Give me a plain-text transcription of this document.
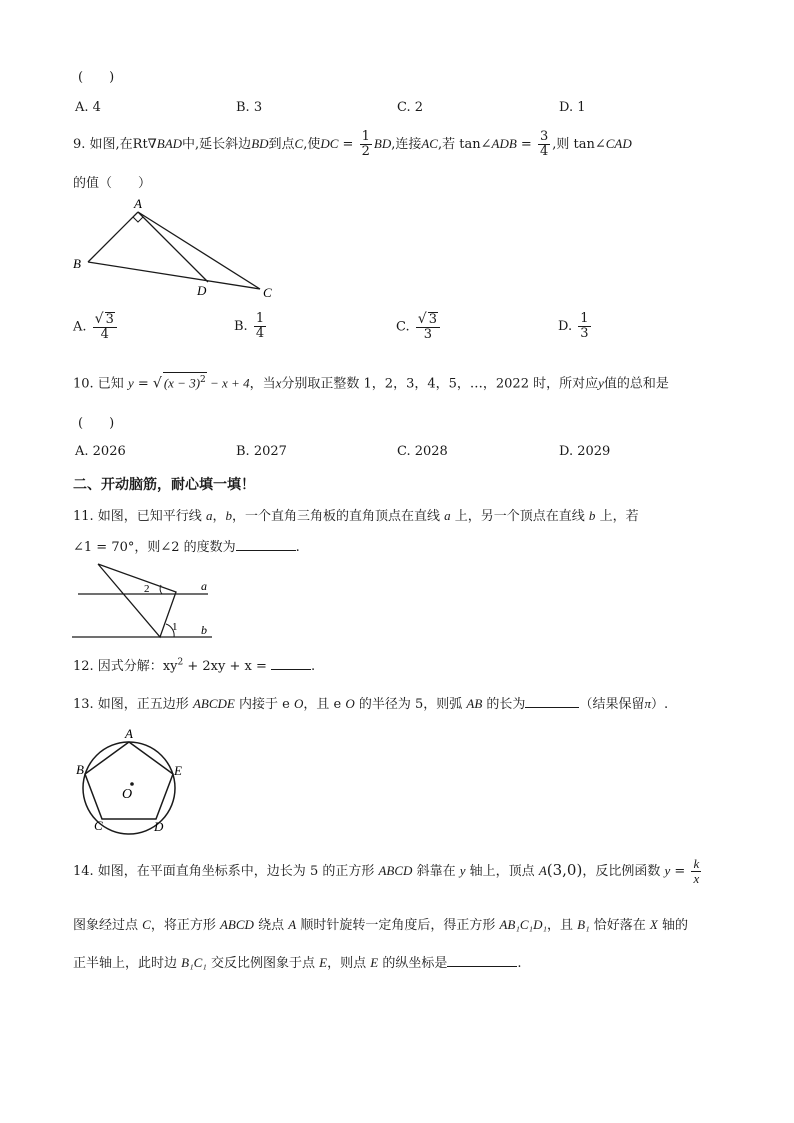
(　　)
A. 4	B. 3	C. 2	D. 1
9. 如图,在Rt∇BAD中,延长斜边BD到点C,使DC = $\frac{1}{2}$ BD,连接AC,若 tan∠ADB = $\frac{3}{4}$ ,则 tan∠CAD
的值（　　）
A
B
D	C
A. $\frac{√ 3}{4}$	B. $\frac{1}{4}$	C. $\frac{√ 3}{3}$	D. $\frac{1}{3}$
10. 已知 y = √ $(x - 3)^2 - x + 4$，当x分别取正整数 1，2，3，4，5，…，2022 时，所对应y值的总和是
(　　)
A. 2026	B. 2027	C. 2028	D. 2029
二、开动脑筋，耐心填一填！
11. 如图，已知平行线 a，b，一个直角三角板的直角顶点在直线 a 上，另一个顶点在直线 b 上，若
∠1 = 70°，则∠2 的度数为	.
a
b
1
2
12. 因式分解：$xy^2 + 2xy + x$ =	.
13. 如图，正五边形 ABCDE 内接于 e O，且 e O 的半径为 5，则弧 AB 的长为	（结果保留π）.
A
B
C	D
E
O
14. 如图，在平面直角坐标系中，边长为 5 的正方形 ABCD 斜靠在 y 轴上，顶点 A(3,0)，反比例函数 $y = \frac{k}{x}$
图象经过点 C，将正方形 ABCD 绕点 A 顺时针旋转一定角度后，得正方形 AB₁C₁D₁，且 B₁ 恰好落在 X 轴的
正半轴上，此时边 B₁C₁ 交反比例图象于点 E，则点 E 的纵坐标是	.
